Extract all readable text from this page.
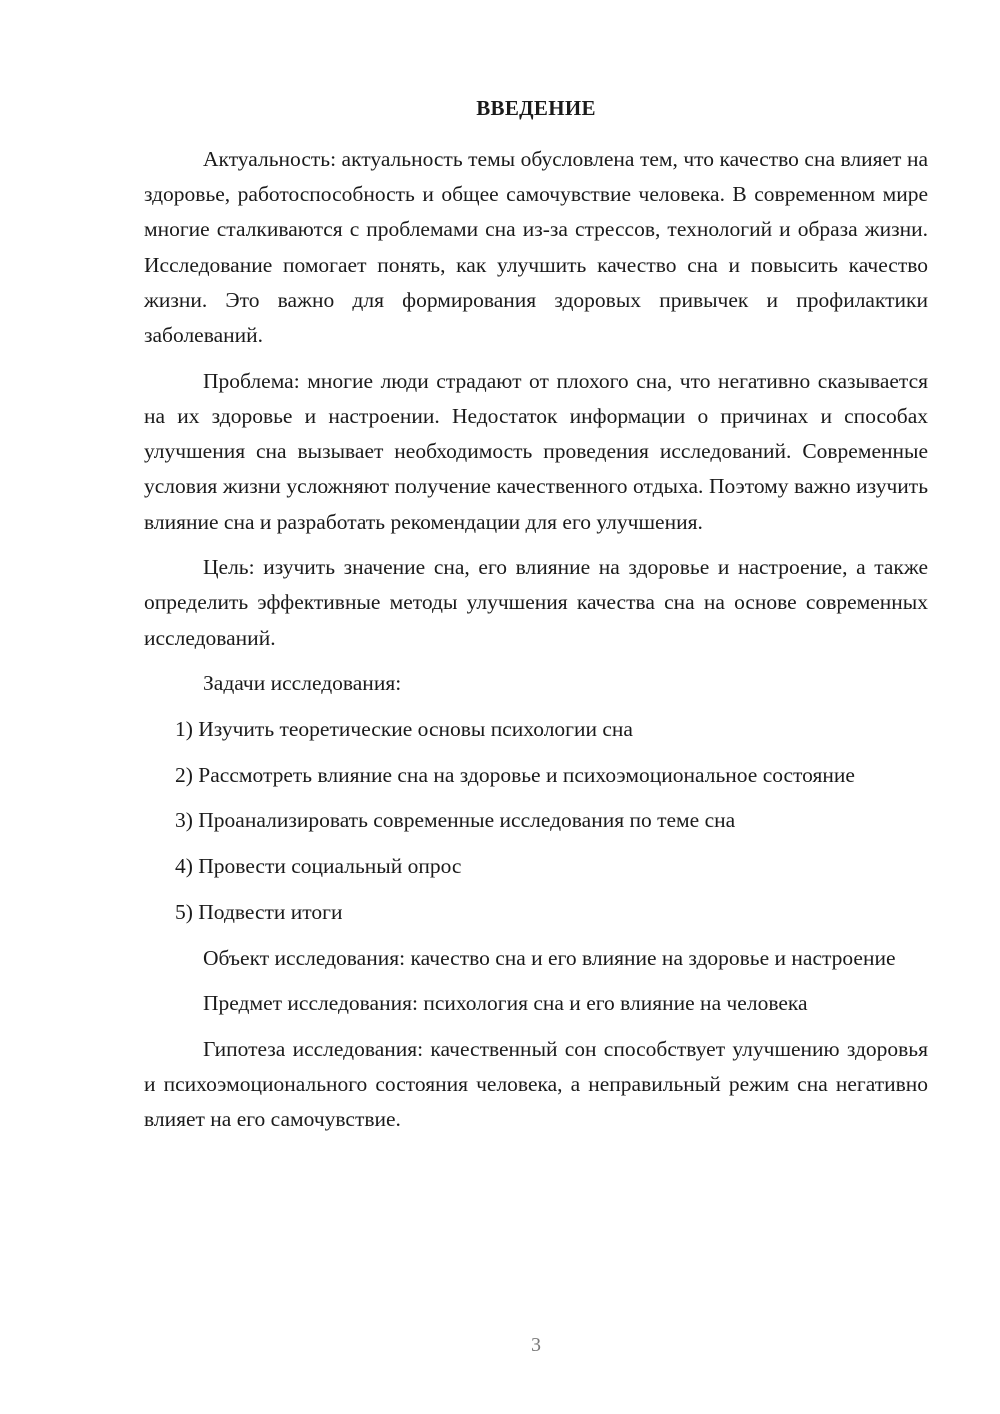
ВВЕДЕНИЕ

Актуальность: актуальность темы обусловлена тем, что качество сна влияет на здоровье, работоспособность и общее самочувствие человека. В современном мире многие сталкиваются с проблемами сна из-за стрессов, технологий и образа жизни. Исследование помогает понять, как улучшить качество сна и повысить качество жизни. Это важно для формирования здоровых привычек и профилактики заболеваний.

Проблема: многие люди страдают от плохого сна, что негативно сказывается на их здоровье и настроении. Недостаток информации о причинах и способах улучшения сна вызывает необходимость проведения исследований. Современные условия жизни усложняют получение качественного отдыха. Поэтому важно изучить влияние сна и разработать рекомендации для его улучшения.

Цель: изучить значение сна, его влияние на здоровье и настроение, а также определить эффективные методы улучшения качества сна на основе современных исследований.

Задачи исследования:

1) Изучить теоретические основы психологии сна

2) Рассмотреть влияние сна на здоровье и психоэмоциональное состояние

3) Проанализировать современные исследования по теме сна

4) Провести социальный опрос

5) Подвести итоги

Объект исследования: качество сна и его влияние на здоровье и настроение

Предмет исследования: психология сна и его влияние на человека

Гипотеза исследования: качественный сон способствует улучшению здоровья и психоэмоционального состояния человека, а неправильный режим сна негативно влияет на его самочувствие.

3
